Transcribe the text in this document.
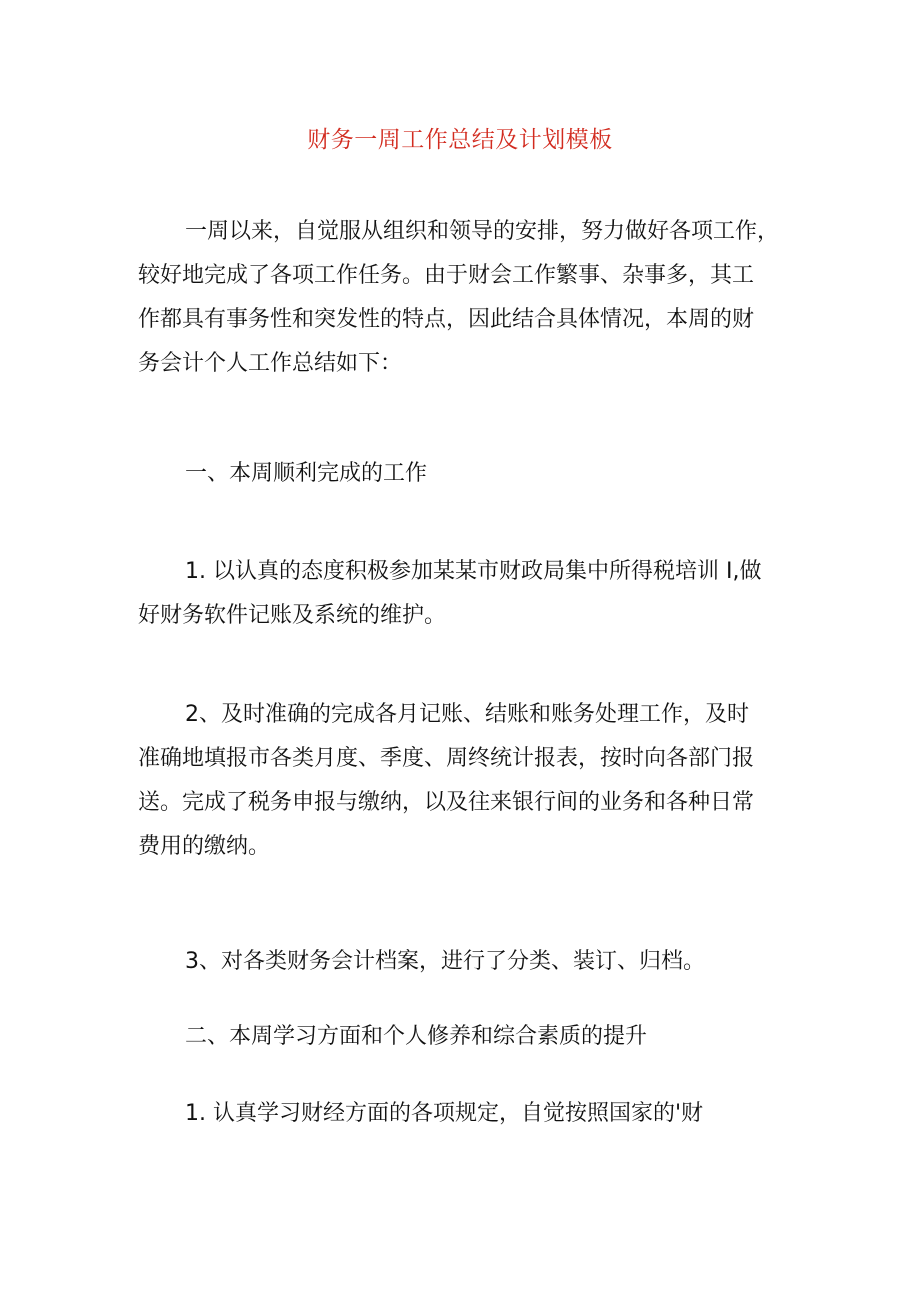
财务一周工作总结及计划模板
一周以来，自觉服从组织和领导的安排，努力做好各项工作，
较好地完成了各项工作任务。由于财会工作繁事、杂事多，其工
作都具有事务性和突发性的特点，因此结合具体情况，本周的财
务会计个人工作总结如下：
一、本周顺利完成的工作
1. 以认真的态度积极参加某某市财政局集中所得税培训 I,做
好财务软件记账及系统的维护。
2、及时准确的完成各月记账、结账和账务处理工作，及时
准确地填报市各类月度、季度、周终统计报表，按时向各部门报
送。完成了税务申报与缴纳，以及往来银行间的业务和各种日常
费用的缴纳。
3、对各类财务会计档案，进行了分类、装订、归档。
二、本周学习方面和个人修养和综合素质的提升
1. 认真学习财经方面的各项规定，自觉按照国家的'财
